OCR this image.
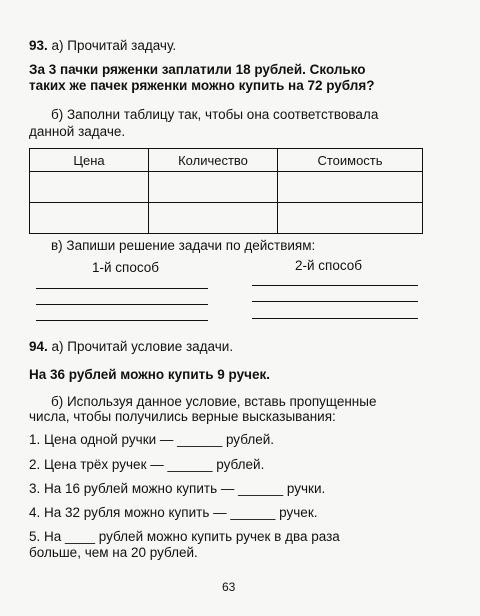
93. а) Прочитай задачу.
За 3 пачки ряженки заплатили 18 рублей. Сколько
таких же пачек ряженки можно купить на 72 рубля?
б) Заполни таблицу так, чтобы она соответствовала
данной задаче.
Цена	Количество	Стоимость

в) Запиши решение задачи по действиям:
1-й способ	2-й способ
94. а) Прочитай условие задачи.
На 36 рублей можно купить 9 ручек.
б) Используя данное условие, вставь пропущенные
числа, чтобы получились верные высказывания:
1. Цена одной ручки — ______ рублей.
2. Цена трёх ручек — ______ рублей.
3. На 16 рублей можно купить — ______ ручки.
4. На 32 рубля можно купить — ______ ручек.
5. На ____ рублей можно купить ручек в два раза
больше, чем на 20 рублей.
63
